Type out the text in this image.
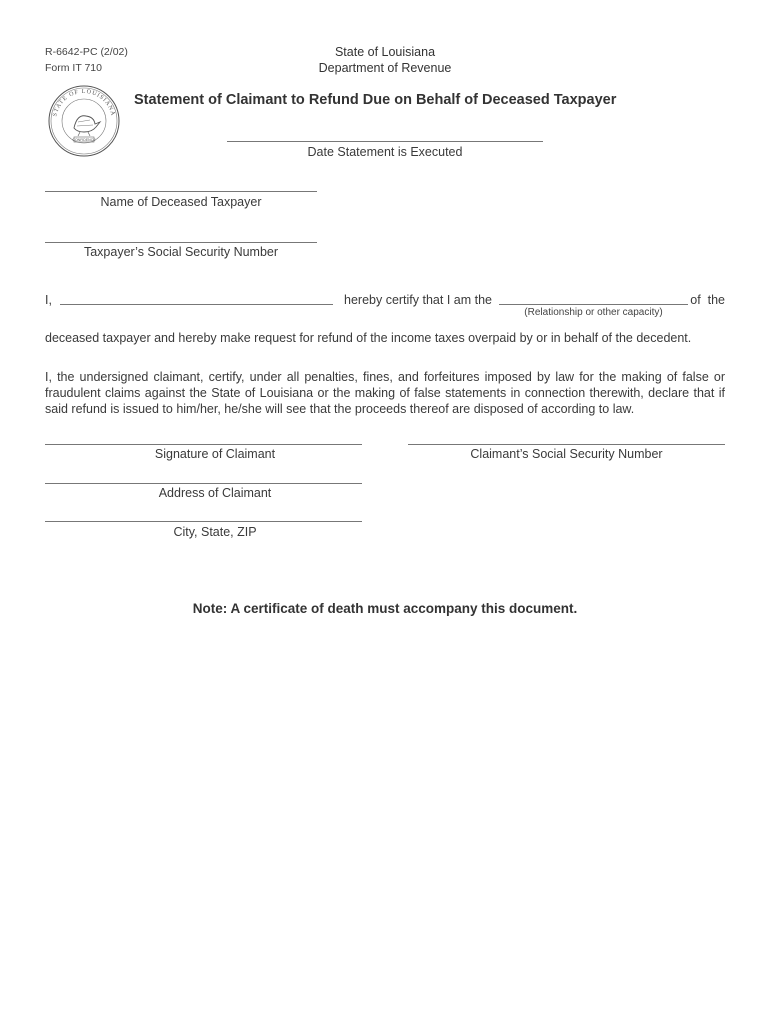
R-6642-PC (2/02)
Form IT 710
State of Louisiana
Department of Revenue
STATE OF LOUISIANA
CONFIDENCE
Statement of Claimant to Refund Due on Behalf of Deceased Taxpayer
Date Statement is Executed
Name of Deceased Taxpayer
Taxpayer’s Social Security Number
I,	hereby certify that I am the	of  the
(Relationship or other capacity)
deceased taxpayer and hereby make request for refund of the income taxes overpaid by or in behalf of the decedent.
I, the undersigned claimant, certify, under all penalties, fines, and forfeitures imposed by law for the making of false or
fraudulent claims against the State of Louisiana or the making of false statements in connection therewith, declare that if
said refund is issued to him/her, he/she will see that the proceeds thereof are disposed of according to law.
Signature of Claimant	Claimant’s Social Security Number
Address of Claimant
City, State, ZIP
Note: A certificate of death must accompany this document.
